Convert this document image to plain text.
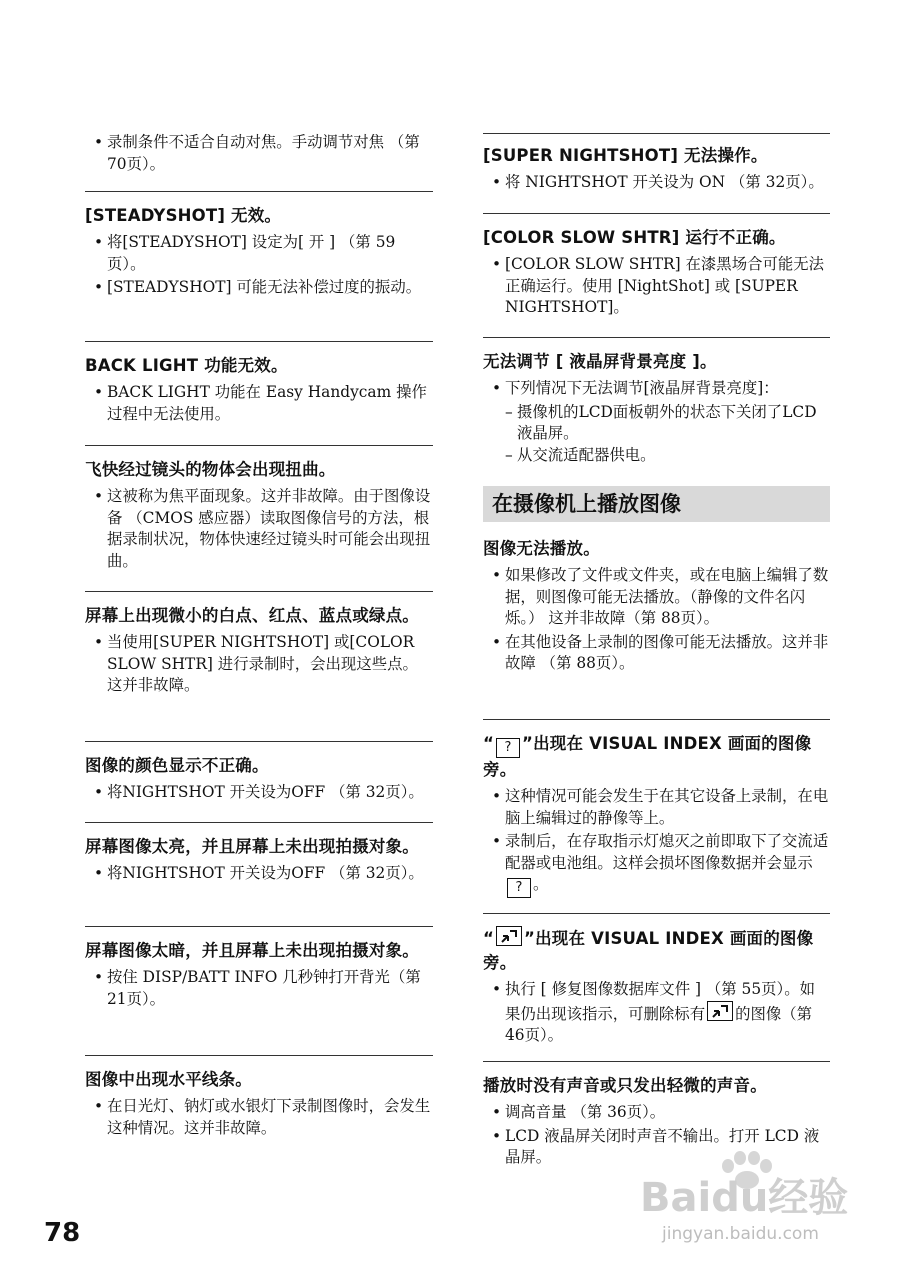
• 录制条件不适合自动对焦。手动调节对焦 （第 70页）。
[STEADYSHOT] 无效。
• 将[STEADYSHOT] 设定为[ 开 ] （第 59 页）。
• [STEADYSHOT] 可能无法补偿过度的振动。
BACK LIGHT 功能无效。
• BACK LIGHT 功能在 Easy Handycam 操作过程中无法使用。
飞快经过镜头的物体会出现扭曲。
• 这被称为焦平面现象。这并非故障。由于图像设备 （CMOS 感应器）读取图像信号的方法，根据录制状况，物体快速经过镜头时可能会出现扭曲。
屏幕上出现微小的白点、红点、蓝点或绿点。
• 当使用[SUPER NIGHTSHOT] 或[COLOR SLOW SHTR] 进行录制时，会出现这些点。这并非故障。
图像的颜色显示不正确。
• 将NIGHTSHOT 开关设为OFF （第 32页）。
屏幕图像太亮，并且屏幕上未出现拍摄对象。
• 将NIGHTSHOT 开关设为OFF （第 32页）。
屏幕图像太暗，并且屏幕上未出现拍摄对象。
• 按住 DISP/BATT INFO 几秒钟打开背光（第 21页）。
图像中出现水平线条。
• 在日光灯、钠灯或水银灯下录制图像时，会发生这种情况。这并非故障。
[SUPER NIGHTSHOT] 无法操作。
• 将 NIGHTSHOT 开关设为 ON （第 32页）。
[COLOR SLOW SHTR] 运行不正确。
• [COLOR SLOW SHTR] 在漆黑场合可能无法正确运行。使用 [NightShot] 或 [SUPER NIGHTSHOT]。
无法调节 [ 液晶屏背景亮度 ]。
• 下列情况下无法调节[液晶屏背景亮度]：
– 摄像机的LCD面板朝外的状态下关闭了LCD 液晶屏。
– 从交流适配器供电。
在摄像机上播放图像
图像无法播放。
• 如果修改了文件或文件夹，或在电脑上编辑了数据，则图像可能无法播放。（静像的文件名闪烁。） 这并非故障（第 88页）。
• 在其他设备上录制的图像可能无法播放。这并非故障 （第 88页）。
“ ? ”出现在 VISUAL INDEX 画面的图像旁。
• 这种情况可能会发生于在其它设备上录制，在电脑上编辑过的静像等上。
• 录制后，在存取指示灯熄灭之前即取下了交流适配器或电池组。这样会损坏图像数据并会显示? 。
“ ”出现在 VISUAL INDEX 画面的图像旁。
• 执行 [ 修复图像数据库文件 ] （第 55页）。如果仍出现该指示，可删除标有 的图像（第 46页）。
播放时没有声音或只发出轻微的声音。
• 调高音量 （第 36页）。
• LCD 液晶屏关闭时声音不输出。打开 LCD 液晶屏。
78
Baidu经验
jingyan.baidu.com
